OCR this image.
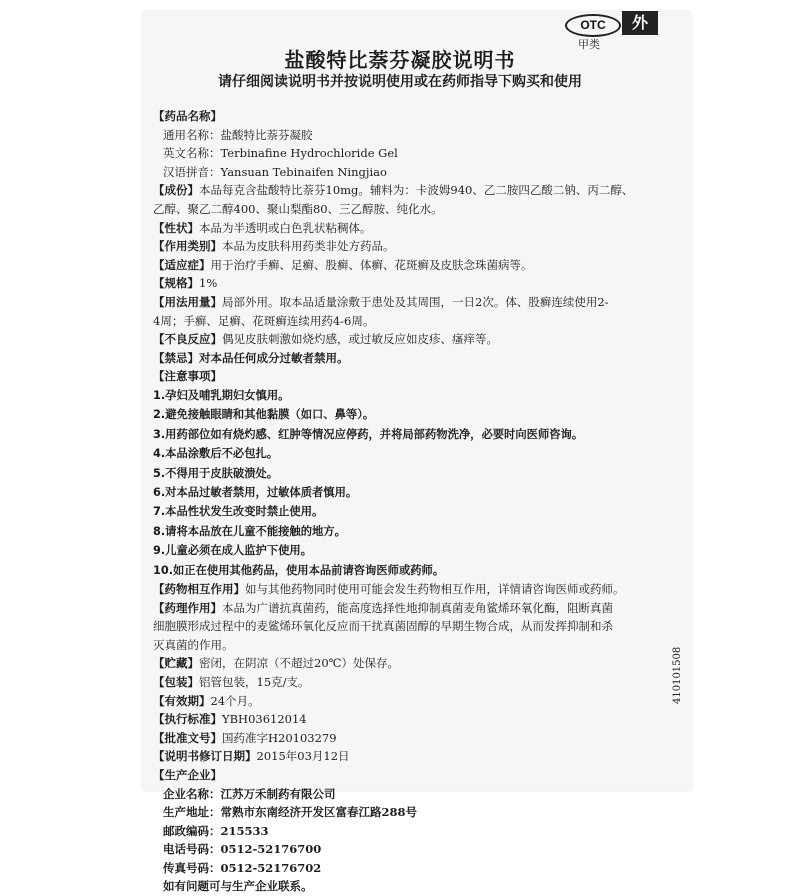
OTC	外
甲类
盐酸特比萘芬凝胶说明书
请仔细阅读说明书并按说明使用或在药师指导下购买和使用
【药品名称】
通用名称：盐酸特比萘芬凝胶
英文名称：Terbinafine Hydrochloride Gel
汉语拼音：Yansuan Tebinaifen Ningjiao
【成份】本品每克含盐酸特比萘芬10mg。辅料为：卡波姆940、乙二胺四乙酸二钠、丙二醇、
乙醇、聚乙二醇400、聚山梨酯80、三乙醇胺、纯化水。
【性状】本品为半透明或白色乳状粘稠体。
【作用类别】本品为皮肤科用药类非处方药品。
【适应症】用于治疗手癣、足癣、股癣、体癣、花斑癣及皮肤念珠菌病等。
【规格】1%
【用法用量】局部外用。取本品适量涂敷于患处及其周围，一日2次。体、股癣连续使用2-
4周；手癣、足癣、花斑癣连续用药4-6周。
【不良反应】偶见皮肤刺激如烧灼感，或过敏反应如皮疹、瘙痒等。
【禁忌】对本品任何成分过敏者禁用。
【注意事项】
1.孕妇及哺乳期妇女慎用。
2.避免接触眼睛和其他黏膜（如口、鼻等）。
3.用药部位如有烧灼感、红肿等情况应停药，并将局部药物洗净，必要时向医师咨询。
4.本品涂敷后不必包扎。
5.不得用于皮肤破溃处。
6.对本品过敏者禁用，过敏体质者慎用。
7.本品性状发生改变时禁止使用。
8.请将本品放在儿童不能接触的地方。
9.儿童必须在成人监护下使用。
10.如正在使用其他药品，使用本品前请咨询医师或药师。
【药物相互作用】如与其他药物同时使用可能会发生药物相互作用，详情请咨询医师或药师。
【药理作用】本品为广谱抗真菌药，能高度选择性地抑制真菌麦角鲨烯环氧化酶，阻断真菌
细胞膜形成过程中的麦鲨烯环氧化反应而干扰真菌固醇的早期生物合成，从而发挥抑制和杀
灭真菌的作用。
【贮藏】密闭，在阴凉（不超过20℃）处保存。
【包装】铝管包装，15克/支。
【有效期】24个月。
【执行标准】YBH03612014
【批准文号】国药准字H20103279
【说明书修订日期】2015年03月12日
【生产企业】
企业名称：江苏万禾制药有限公司
生产地址：常熟市东南经济开发区富春江路288号
邮政编码：215533
电话号码：0512-52176700
传真号码：0512-52176702
如有问题可与生产企业联系。
410101508
